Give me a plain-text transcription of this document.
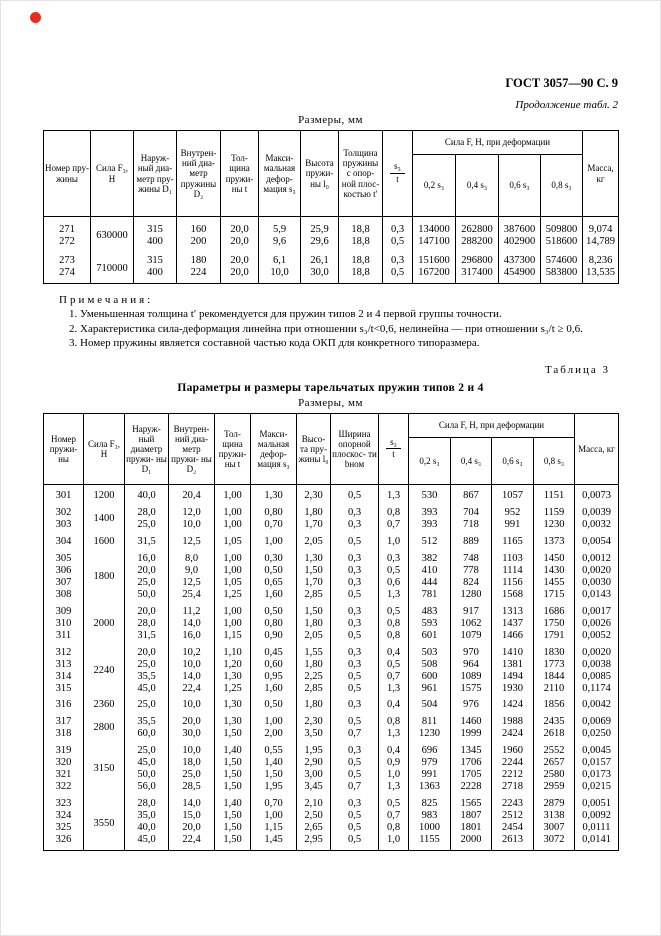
ГОСТ 3057—90 С. 9
Продолжение табл. 2
Размеры, мм
Номер пру- жины	Сила F₃, Н	Наруж- ный диа- метр пру- жины D₁	Внутрен- ний диа- метр пружины D₂	Тол- щина пружи- ны t	Макси- мальная дефор- мация s₃	Высота пружи- ны l₀	Толщина пружины с опор- ной плос- костью t′	$\frac{\text{s₃}}{t}$	Сила F, Н, при деформации				Масса, кг
									0,2 s₃	0,4 s₃	0,6 s₃	0,8 s₃	
271	630000	315	160	20,0	5,9	25,9	18,8	0,3	134000	262800	387600	509800	9,074
272		400	200	20,0	9,6	29,6	18,8	0,5	147100	288200	402900	518600	14,789
273	710000	315	180	20,0	6,1	26,1	18,8	0,3	151600	296800	437300	574600	8,236
274		400	224	20,0	10,0	30,0	18,8	0,5	167200	317400	454900	583800	13,535

Примечания:

1. Уменьшенная толщина t′ рекомендуется для пружин типов 2 и 4 первой группы точности.

2. Характеристика сила-деформация линейна при отношении s₃/t<0,6, нелинейна — при отношении s₃/t ≥ 0,6.

3. Номер пружины является составной частью кода ОКП для конкретного типоразмера.

Таблица 3
Параметры и размеры тарельчатых пружин типов 2 и 4
Размеры, мм
Номер пружи- ны	Сила F₃, Н	Наруж- ный диаметр пружи- ны D₁	Внутрен- ний диа- метр пружи- ны D₂	Тол- щина пружи- ны t	Макси- мальная дефор- мация s₃	Высо- та пру- жины l₀	Ширина опорной плоскос- ти bном	$\frac{\text{s₃}}{t}$	Сила F, Н, при деформации				Масса, кг
									0,2 s₃	0,4 s₃	0,6 s₃	0,8 s₃	
301	1200	40,0	20,4	1,00	1,30	2,30	0,5	1,3	530	867	1057	1151	0,0073
302	1400	28,0	12,0	1,00	0,80	1,80	0,3	0,8	393	704	952	1159	0,0039
303		25,0	10,0	1,00	0,70	1,70	0,3	0,7	393	718	991	1230	0,0032
304	1600	31,5	12,5	1,05	1,00	2,05	0,5	1,0	512	889	1165	1373	0,0054
305	1800	16,0	8,0	1,00	0,30	1,30	0,3	0,3	382	748	1103	1450	0,0012
306		20,0	9,0	1,00	0,50	1,50	0,3	0,5	410	778	1114	1430	0,0020
307		25,0	12,5	1,05	0,65	1,70	0,3	0,6	444	824	1156	1455	0,0030
308		50,0	25,4	1,25	1,60	2,85	0,5	1,3	781	1280	1568	1715	0,0143
309	2000	20,0	11,2	1,00	0,50	1,50	0,3	0,5	483	917	1313	1686	0,0017
310		28,0	14,0	1,00	0,80	1,80	0,3	0,8	593	1062	1437	1750	0,0026
311		31,5	16,0	1,15	0,90	2,05	0,5	0,8	601	1079	1466	1791	0,0052
312	2240	20,0	10,2	1,10	0,45	1,55	0,3	0,4	503	970	1410	1830	0,0020
313		25,0	10,0	1,20	0,60	1,80	0,3	0,5	508	964	1381	1773	0,0038
314		35,5	14,0	1,30	0,95	2,25	0,5	0,7	600	1089	1494	1844	0,0085
315		45,0	22,4	1,25	1,60	2,85	0,5	1,3	961	1575	1930	2110	0,1174
316	2360	25,0	10,0	1,30	0,50	1,80	0,3	0,4	504	976	1424	1856	0,0042
317	2800	35,5	20,0	1,30	1,00	2,30	0,5	0,8	811	1460	1988	2435	0,0069
318		60,0	30,0	1,50	2,00	3,50	0,7	1,3	1230	1999	2424	2618	0,0250
319	3150	25,0	10,0	1,40	0,55	1,95	0,3	0,4	696	1345	1960	2552	0,0045
320		45,0	18,0	1,50	1,40	2,90	0,5	0,9	979	1706	2244	2657	0,0157
321		50,0	25,0	1,50	1,50	3,00	0,5	1,0	991	1705	2212	2580	0,0173
322		56,0	28,5	1,50	1,95	3,45	0,7	1,3	1363	2228	2718	2959	0,0215
323	3550	28,0	14,0	1,40	0,70	2,10	0,3	0,5	825	1565	2243	2879	0,0051
324		35,0	15,0	1,50	1,00	2,50	0,5	0,7	983	1807	2512	3138	0,0092
325		40,0	20,0	1,50	1,15	2,65	0,5	0,8	1000	1801	2454	3007	0,0111
326		45,0	22,4	1,50	1,45	2,95	0,5	1,0	1155	2000	2613	3072	0,0141
